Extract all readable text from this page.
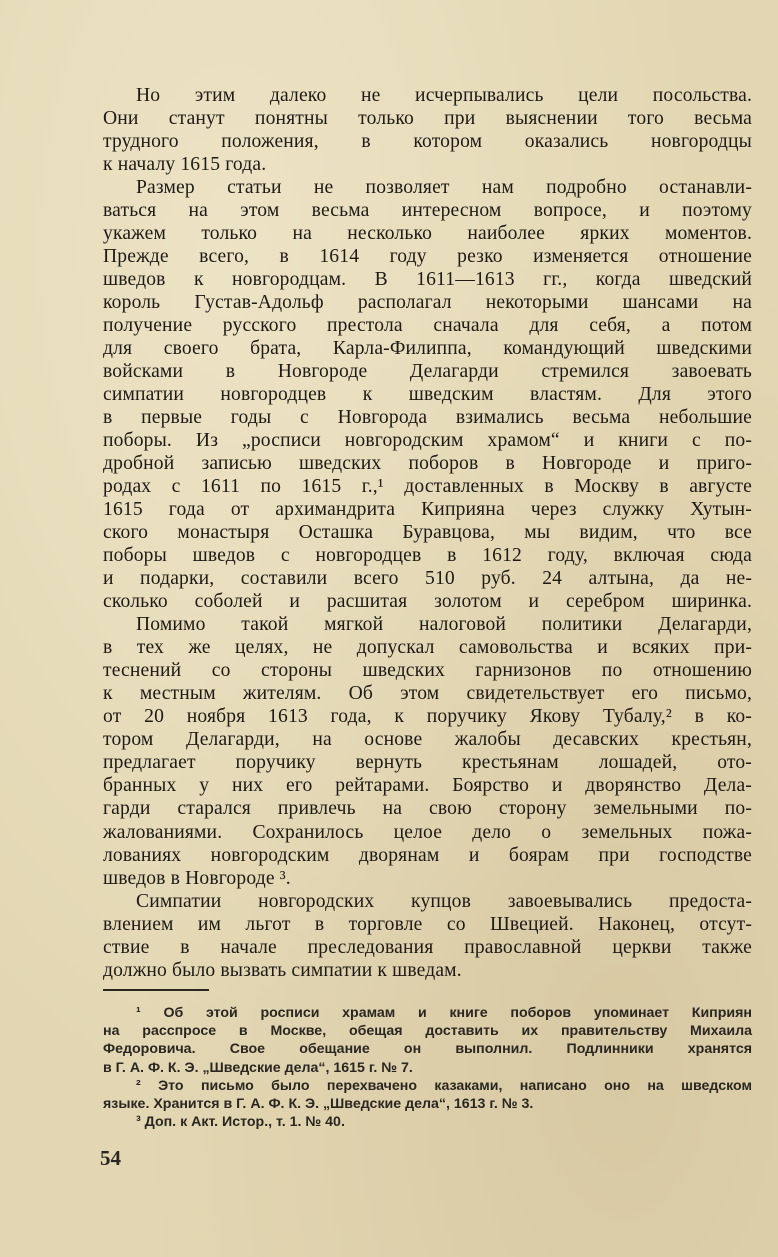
Но этим далеко не исчерпывались цели посольства.
Они станут понятны только при выяснении того весьма
трудного положения, в котором оказались новгородцы
к началу 1615 года.

Размер статьи не позволяет нам подробно останавли-
ваться на этом весьма интересном вопросе, и поэтому
укажем только на несколько наиболее ярких моментов.
Прежде всего, в 1614 году резко изменяется отношение
шведов к новгородцам. В 1611—1613 гг., когда шведский
король Густав-Адольф располагал некоторыми шансами на
получение русского престола сначала для себя, а потом
для своего брата, Карла-Филиппа, командующий шведскими
войсками в Новгороде Делагарди стремился завоевать
симпатии новгородцев к шведским властям. Для этого
в первые годы с Новгорода взимались весьма небольшие
поборы. Из „росписи новгородским храмом“ и книги с по-
дробной записью шведских поборов в Новгороде и приго-
родах с 1611 по 1615 г.,¹ доставленных в Москву в августе
1615 года от архимандрита Киприяна через служку Хутын-
ского монастыря Осташка Буравцова, мы видим, что все
поборы шведов с новгородцев в 1612 году, включая сюда
и подарки, составили всего 510 руб. 24 алтына, да не-
сколько соболей и расшитая золотом и серебром ширинка.

Помимо такой мягкой налоговой политики Делагарди,
в тех же целях, не допускал самовольства и всяких при-
теснений со стороны шведских гарнизонов по отношению
к местным жителям. Об этом свидетельствует его письмо,
от 20 ноября 1613 года, к поручику Якову Тубалу,² в ко-
тором Делагарди, на основе жалобы десавских крестьян,
предлагает поручику вернуть крестьянам лошадей, ото-
бранных у них его рейтарами. Боярство и дворянство Дела-
гарди старался привлечь на свою сторону земельными по-
жалованиями. Сохранилось целое дело о земельных пожа-
лованиях новгородским дворянам и боярам при господстве
шведов в Новгороде ³.

Симпатии новгородских купцов завоевывались предоста-
влением им льгот в торговле со Швецией. Наконец, отсут-
ствие в начале преследования православной церкви также
должно было вызвать симпатии к шведам.

¹ Об этой росписи храмам и книге поборов упоминает Киприян
на расспросе в Москве, обещая доставить их правительству Михаила
Федоровича. Свое обещание он выполнил. Подлинники хранятся
в Г. А. Ф. К. Э. „Шведские дела“, 1615 г. № 7.

² Это письмо было перехвачено казаками, написано оно на шведском
языке. Хранится в Г. А. Ф. К. Э. „Шведские дела“, 1613 г. № 3.

³ Доп. к Акт. Истор., т. 1. № 40.

54
